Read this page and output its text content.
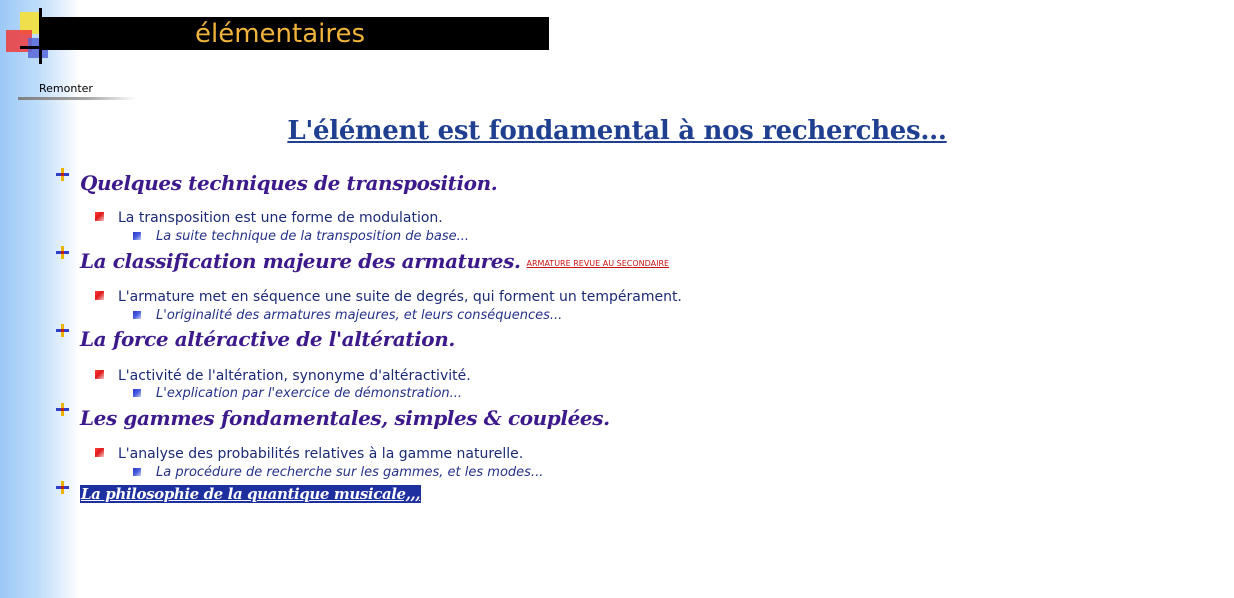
élémentaires
Remonter
L'élément est fondamental à nos recherches...
Quelques techniques de transposition.
La transposition est une forme de modulation.
La suite technique de la transposition de base...
La classification majeure des armatures. ARMATURE REVUE AU SECONDAIRE
L'armature met en séquence une suite de degrés, qui forment un tempérament.
L'originalité des armatures majeures, et leurs conséquences...
La force altéractive de l'altération.
L'activité de l'altération, synonyme d'altéractivité.
L'explication par l'exercice de démonstration...
Les gammes fondamentales, simples & couplées.
L'analyse des probabilités relatives à la gamme naturelle.
La procédure de recherche sur les gammes, et les modes...
La philosophie de la quantique musicale,,,
